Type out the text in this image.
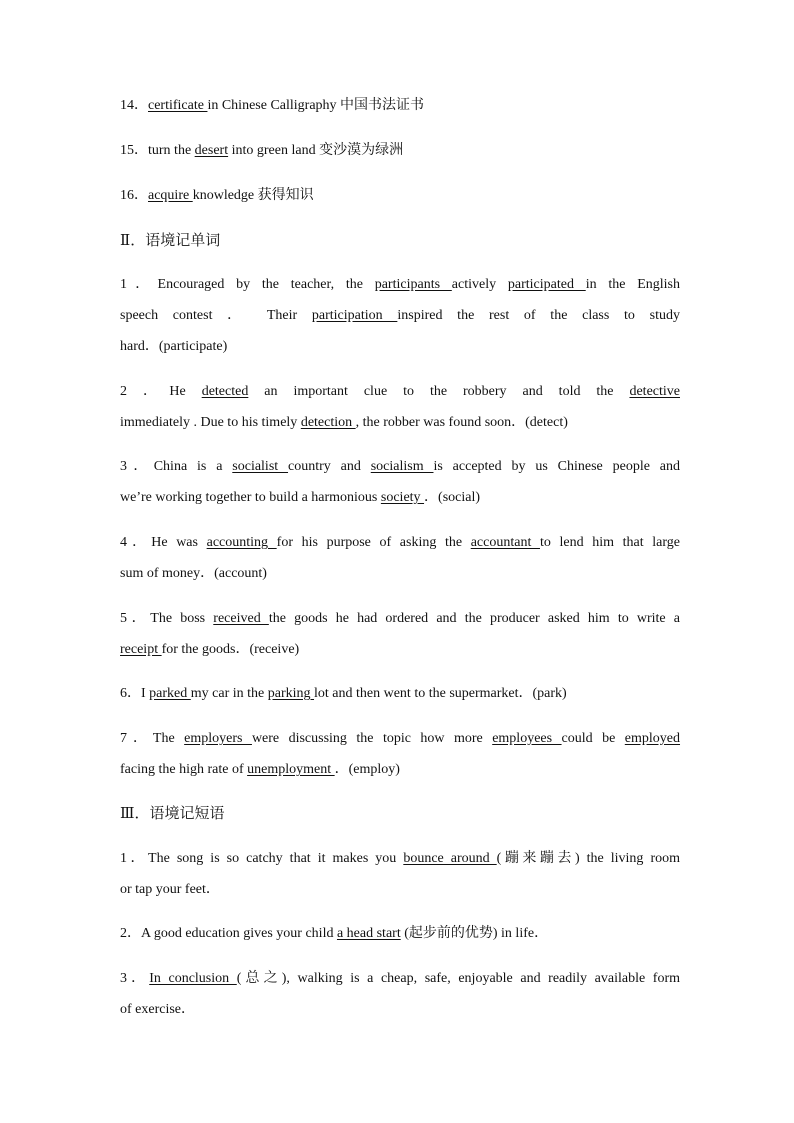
14．certificate in Chinese Calligraphy 中国书法证书
15．turn the desert into green land 变沙漠为绿洲
16．acquire knowledge 获得知识
Ⅱ．语境记单词
1．Encouraged by the teacher, the participants actively participated in the English
speech contest ． Their participation inspired the rest of the class to study
hard．(participate)
2 ．He detected an important clue to the robbery and told the detective
immediately . Due to his timely detection , the robber was found soon．(detect)
3．China is a socialist country and socialism is accepted by us Chinese people and
we’re working together to build a harmonious society ．(social)
4．He was accounting for his purpose of asking the accountant to lend him that large
sum of money．(account)
5．The boss received the goods he had ordered and the producer asked him to write a
receipt for the goods．(receive)
6．I parked my car in the parking lot and then went to the supermarket．(park)
7．The employers were discussing the topic how more employees could be employed
facing the high rate of unemployment ．(employ)
Ⅲ．语境记短语
1．The song is so catchy that it makes you bounce around (蹦来蹦去) the living room
or tap your feet．
2．A good education gives your child a head start (起步前的优势) in life．
3．In conclusion (总之), walking is a cheap, safe, enjoyable and readily available form
of exercise．
